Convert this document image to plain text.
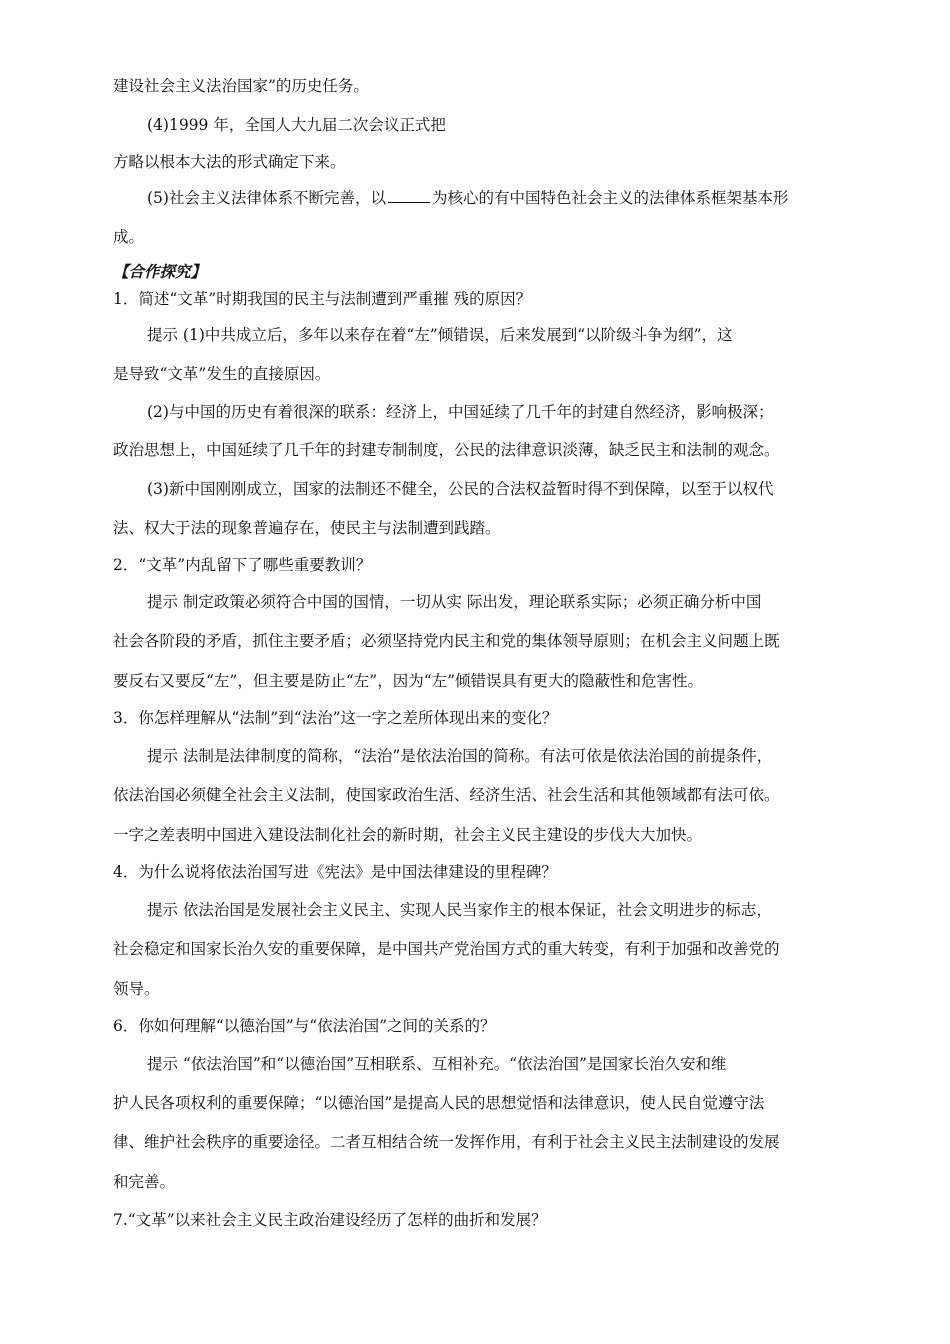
建设社会主义法治国家”的历史任务。
(4)1999 年，全国人大九届二次会议正式把
方略以根本大法的形式确定下来。
(5)社会主义法律体系不断完善，以	为核心的有中国特色社会主义的法律体系框架基本形
成。
【合作探究】
1．简述“文革”时期我国的民主与法制遭到严重摧 残的原因？
提示 (1)中共成立后，多年以来存在着“左”倾错误，后来发展到“以阶级斗争为纲”，这
是导致“文革”发生的直接原因。
(2)与中国的历史有着很深的联系：经济上，中国延续了几千年的封建自然经济，影响极深；
政治思想上，中国延续了几千年的封建专制制度，公民的法律意识淡薄，缺乏民主和法制的观念。
(3)新中国刚刚成立，国家的法制还不健全，公民的合法权益暂时得不到保障，以至于以权代
法、权大于法的现象普遍存在，使民主与法制遭到践踏。
2．“文革”内乱留下了哪些重要教训？
提示 制定政策必须符合中国的国情，一切从实 际出发，理论联系实际；必须正确分析中国
社会各阶段的矛盾，抓住主要矛盾；必须坚持党内民主和党的集体领导原则；在机会主义问题上既
要反右又要反“左”，但主要是防止“左”，因为“左”倾错误具有更大的隐蔽性和危害性。
3．你怎样理解从“法制”到“法治”这一字之差所体现出来的变化？
提示 法制是法律制度的简称，“法治”是依法治国的简称。有法可依是依法治国的前提条件，
依法治国必须健全社会主义法制，使国家政治生活、经济生活、社会生活和其他领域都有法可依。
一字之差表明中国进入建设法制化社会的新时期，社会主义民主建设的步伐大大加快。
4．为什么说将依法治国写进《宪法》是中国法律建设的里程碑？
提示 依法治国是发展社会主义民主、实现人民当家作主的根本保证，社会文明进步的标志，
社会稳定和国家长治久安的重要保障，是中国共产党治国方式的重大转变，有利于加强和改善党的
领导。
6．你如何理解“以德治国”与“依法治国”之间的关系的？
提示 “依法治国”和“以德治国”互相联系、互相补充。“依法治国”是国家长治久安和维
护人民各项权利的重要保障；“以德治国”是提高人民的思想觉悟和法律意识，使人民自觉遵守法
律、维护社会秩序的重要途径。二者互相结合统一发挥作用，有利于社会主义民主法制建设的发展
和完善。
7.“文革”以来社会主义民主政治建设经历了怎样的曲折和发展？
